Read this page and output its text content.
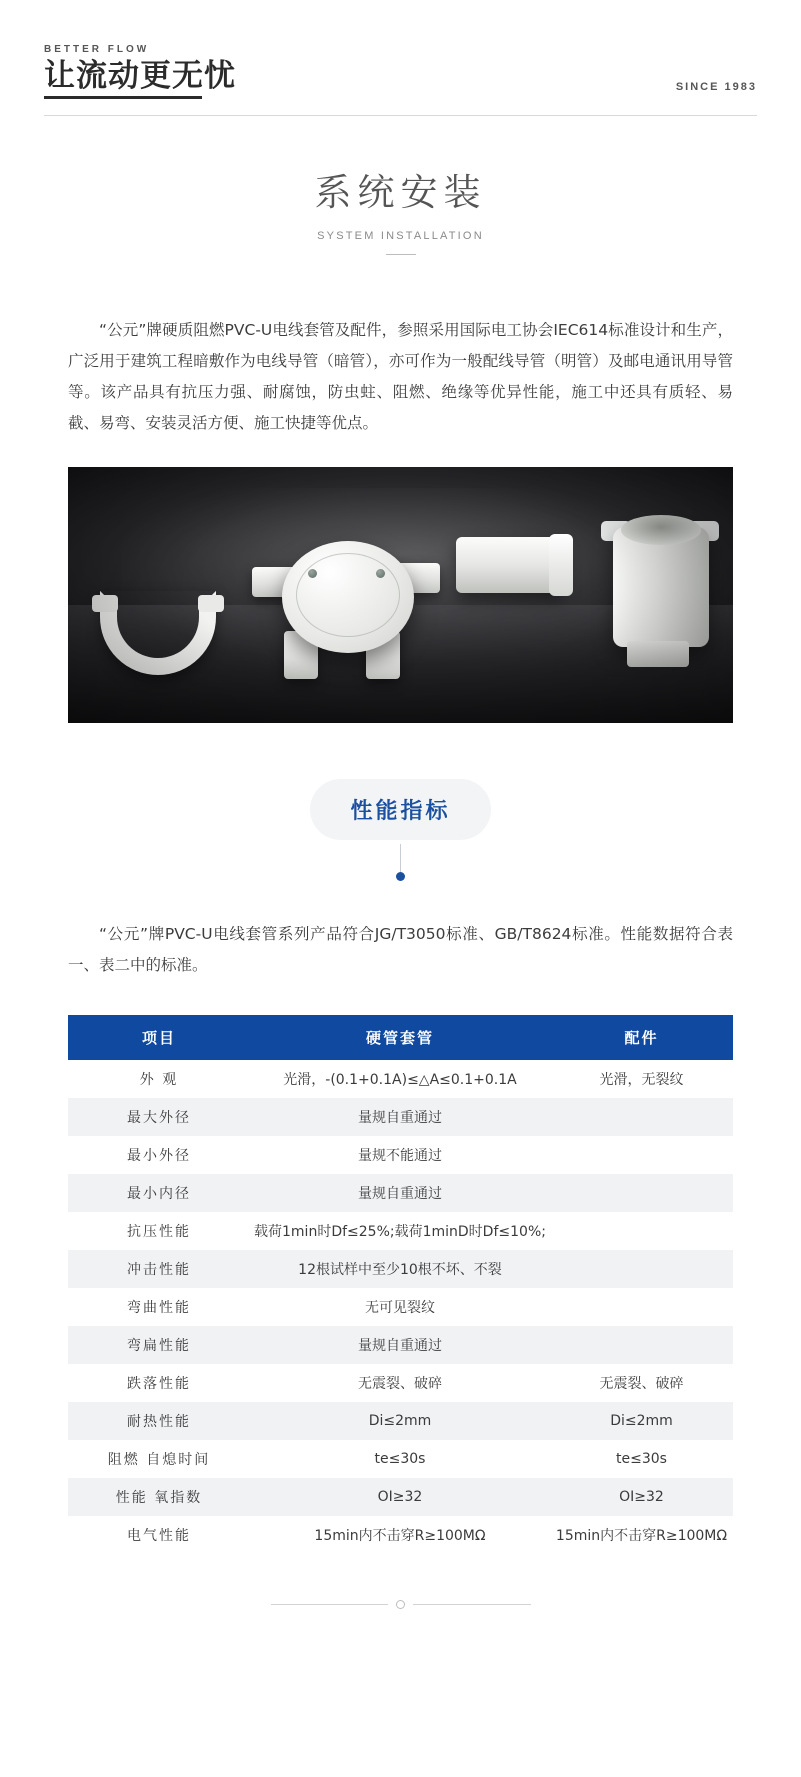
BETTER FLOW
让流动更无忧	SINCE 1983
系统安装
SYSTEM INSTALLATION

“公元”牌硬质阻燃PVC-U电线套管及配件，参照采用国际电工协会IEC614标准设计和生产，广泛用于建筑工程暗敷作为电线导管（暗管），亦可作为一般配线导管（明管）及邮电通讯用导管等。该产品具有抗压力强、耐腐蚀，防虫蛀、阻燃、绝缘等优异性能，施工中还具有质轻、易截、易弯、安装灵活方便、施工快捷等优点。

性能指标

“公元”牌PVC-U电线套管系列产品符合JG/T3050标准、GB/T8624标准。性能数据符合表一、表二中的标准。

项目	硬管套管	配件
外 观	光滑，-(0.1+0.1A)≤△A≤0.1+0.1A	光滑，无裂纹
最大外径	量规自重通过	
最小外径	量规不能通过	
最小内径	量规自重通过	
抗压性能	载荷1min时Df≤25%;载荷1minD时Df≤10%;	
冲击性能	12根试样中至少10根不坏、不裂	
弯曲性能	无可见裂纹	
弯扁性能	量规自重通过	
跌落性能	无震裂、破碎	无震裂、破碎
耐热性能	Di≤2mm	Di≤2mm
阻燃 自熄时间	te≤30s	te≤30s
性能 氧指数	OI≥32	OI≥32
电气性能	15min内不击穿R≥100MΩ	15min内不击穿R≥100MΩ
